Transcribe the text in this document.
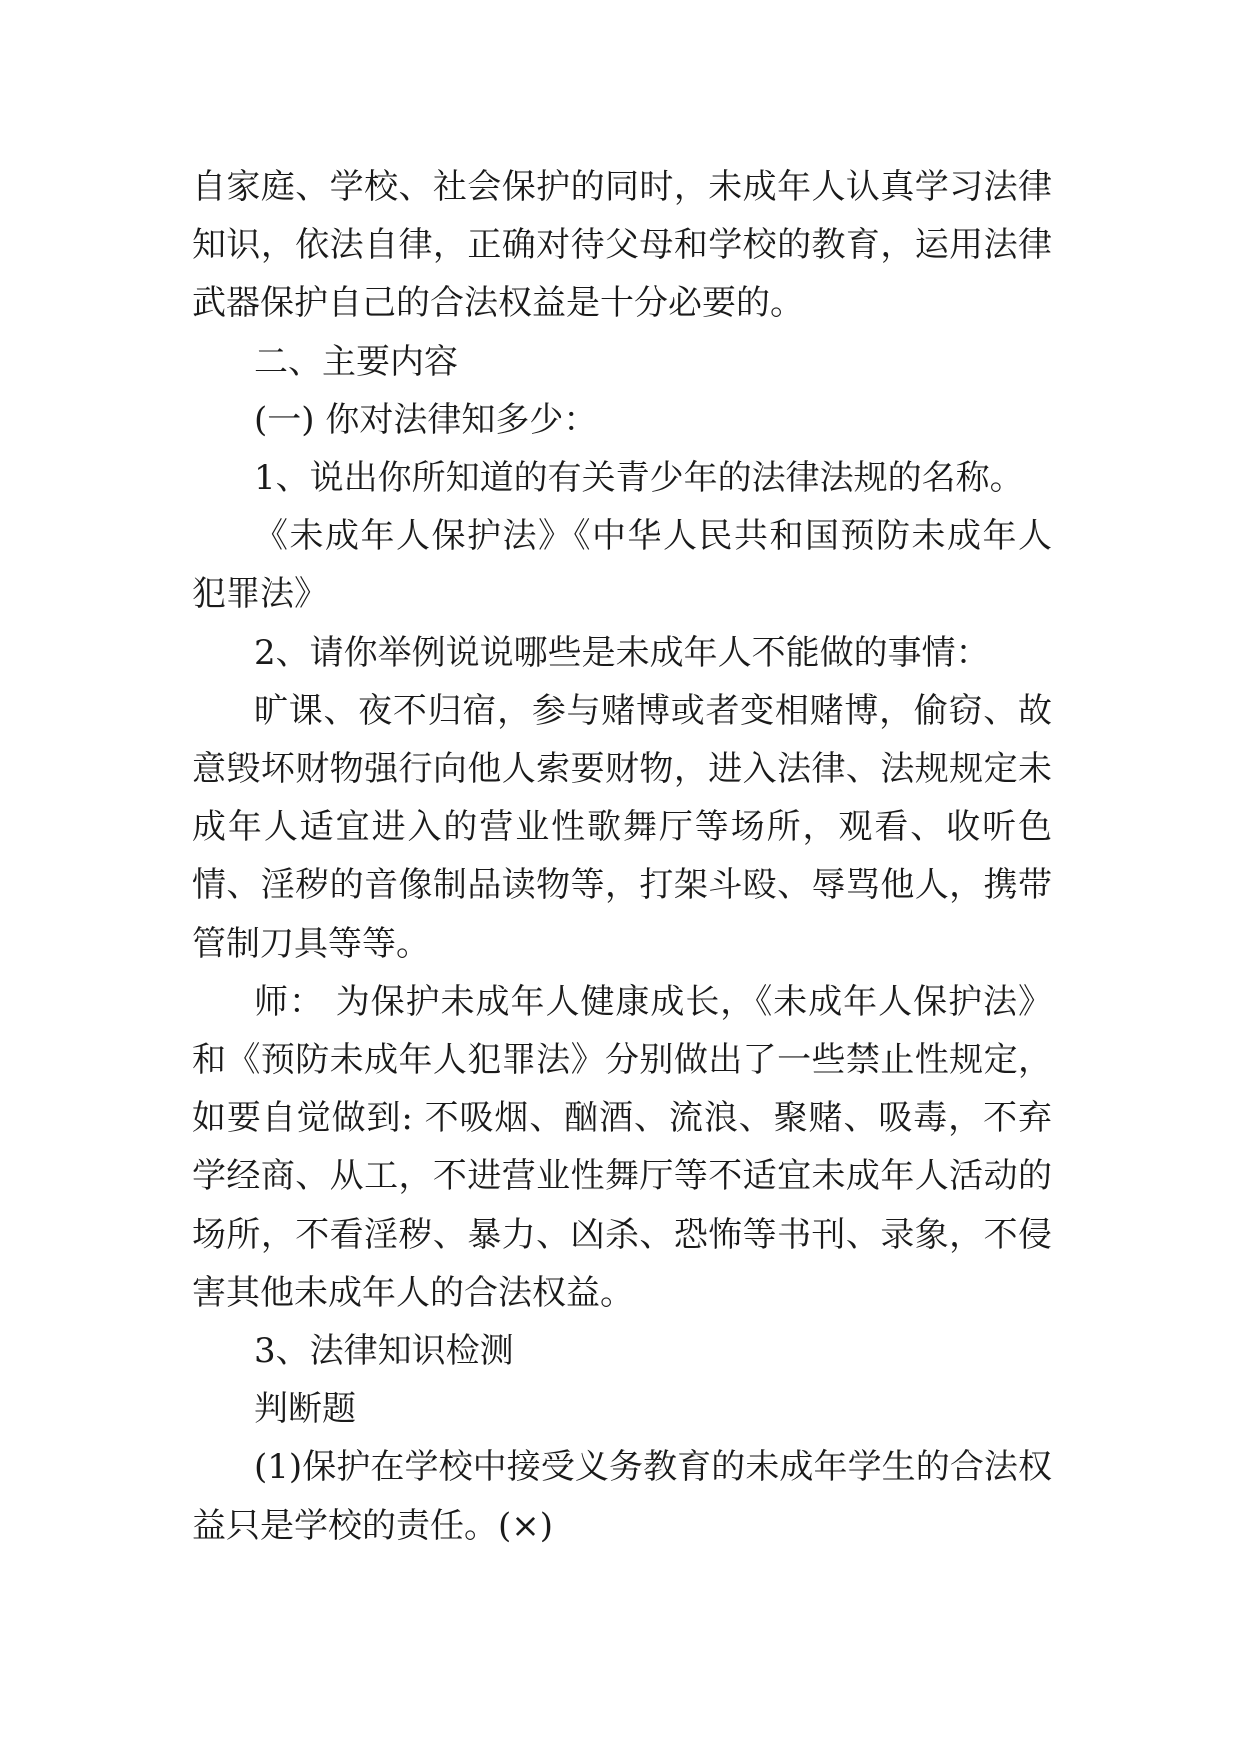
自家庭、学校、社会保护的同时，未成年人认真学习法律知识，依法自律，正确对待父母和学校的教育，运用法律武器保护自己的合法权益是十分必要的。

二、主要内容

(一) 你对法律知多少：

1、说出你所知道的有关青少年的法律法规的名称。

《未成年人保护法》《中华人民共和国预防未成年人犯罪法》

2、请你举例说说哪些是未成年人不能做的事情：

旷课、夜不归宿，参与赌博或者变相赌博，偷窃、故意毁坏财物强行向他人索要财物，进入法律、法规规定未成年人适宜进入的营业性歌舞厅等场所，观看、收听色情、淫秽的音像制品读物等，打架斗殴、辱骂他人，携带管制刀具等等。

师： 为保护未成年人健康成长，《未成年人保护法》和《预防未成年人犯罪法》分别做出了一些禁止性规定，如要自觉做到: 不吸烟、酗酒、流浪、聚赌、吸毒，不弃学经商、从工，不进营业性舞厅等不适宜未成年人活动的场所，不看淫秽、暴力、凶杀、恐怖等书刊、录象，不侵害其他未成年人的合法权益。

3、法律知识检测

判断题

(1)保护在学校中接受义务教育的未成年学生的合法权益只是学校的责任。(×)
